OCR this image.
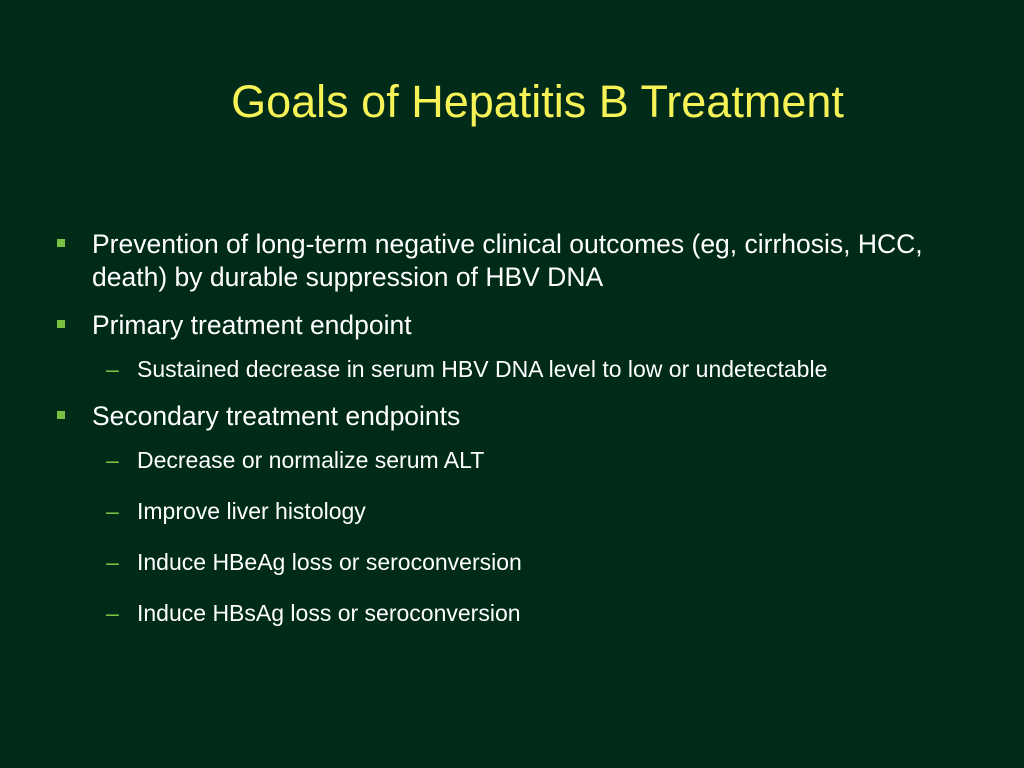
Goals of Hepatitis B Treatment
Prevention of long-term negative clinical outcomes (eg, cirrhosis, HCC, death) by durable suppression of HBV DNA
Primary treatment endpoint
– Sustained decrease in serum HBV DNA level to low or undetectable
Secondary treatment endpoints
– Decrease or normalize serum ALT
– Improve liver histology
– Induce HBeAg loss or seroconversion
– Induce HBsAg loss or seroconversion
